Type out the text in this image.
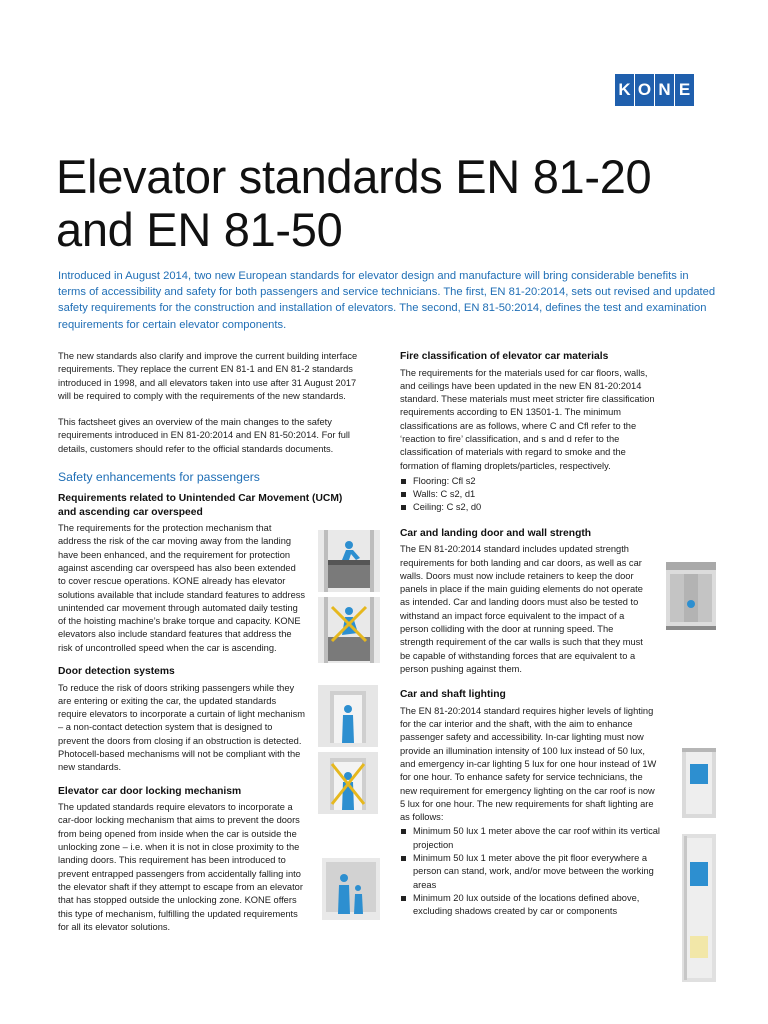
K O N E
Elevator standards EN 81-20
and EN 81-50

Introduced in August 2014, two new European standards for elevator design and manufacture will bring considerable benefits in terms of accessibility and safety for both passengers and service technicians. The first, EN 81-20:2014, sets out revised and updated safety requirements for the construction and installation of elevators. The second, EN 81-50:2014, defines the test and examination requirements for certain elevator components.

The new standards also clarify and improve the current building interface requirements. They replace the current EN 81-1 and EN 81-2 standards introduced in 1998, and all elevators taken into use after 31 August 2017 will be required to comply with the requirements of the new standards.

This factsheet gives an overview of the main changes to the safety requirements introduced in EN 81-20:2014 and EN 81-50:2014. For full details, customers should refer to the official standards documents.

Safety enhancements for passengers

Requirements related to Unintended Car Movement (UCM) and ascending car overspeed

The requirements for the protection mechanism that address the risk of the car moving away from the landing have been enhanced, and the requirement for protection against ascending car overspeed has also been extended to cover rescue operations. KONE already has elevator solutions available that include standard features to address unintended car movement through automated daily testing of the hoisting machine’s brake torque and capacity. KONE elevators also include standard features that address the risk of uncontrolled speed when the car is ascending.

Door detection systems

To reduce the risk of doors striking passengers while they are entering or exiting the car, the updated standards require elevators to incorporate a curtain of light mechanism – a non-contact detection system that is designed to prevent the doors from closing if an obstruction is detected. Photocell-based mechanisms will not be compliant with the new standards.

Elevator car door locking mechanism

The updated standards require elevators to incorporate a car-door locking mechanism that aims to prevent the doors from being opened from inside when the car is outside the unlocking zone – i.e. when it is not in close proximity to the landing doors. This requirement has been introduced to prevent entrapped passengers from accidentally falling into the elevator shaft if they attempt to escape from an elevator that has stopped outside the unlocking zone. KONE offers this type of mechanism, fulfilling the updated requirements for all its elevator solutions.

Fire classification of elevator car materials

The requirements for the materials used for car floors, walls, and ceilings have been updated in the new EN 81-20:2014 standard. These materials must meet stricter fire classification requirements according to EN 13501-1. The minimum classifications are as follows, where C and Cfl refer to the ‘reaction to fire’ classification, and s and d refer to the classification of materials with regard to smoke and the formation of flaming droplets/particles, respectively.

Flooring: Cfl s2
Walls: C s2, d1
Ceiling: C s2, d0
Car and landing door and wall strength

The EN 81-20:2014 standard includes updated strength requirements for both landing and car doors, as well as car walls. Doors must now include retainers to keep the door panels in place if the main guiding elements do not operate as intended. Car and landing doors must also be tested to withstand an impact force equivalent to the impact of a person colliding with the door at running speed. The strength requirement of the car walls is such that they must be capable of withstanding forces that are equivalent to a person pushing against them.

Car and shaft lighting

The EN 81-20:2014 standard requires higher levels of lighting for the car interior and the shaft, with the aim to enhance passenger safety and accessibility. In-car lighting must now provide an illumination intensity of 100 lux instead of 50 lux, and emergency in-car lighting 5 lux for one hour instead of 1W for one hour. To enhance safety for service technicians, the new requirement for emergency lighting on the car roof is now 5 lux for one hour. The new requirements for shaft lighting are as follows:

Minimum 50 lux 1 meter above the car roof within its vertical projection
Minimum 50 lux 1 meter above the pit floor everywhere a person can stand, work, and/or move between the working areas
Minimum 20 lux outside of the locations defined above, excluding shadows created by car or components
